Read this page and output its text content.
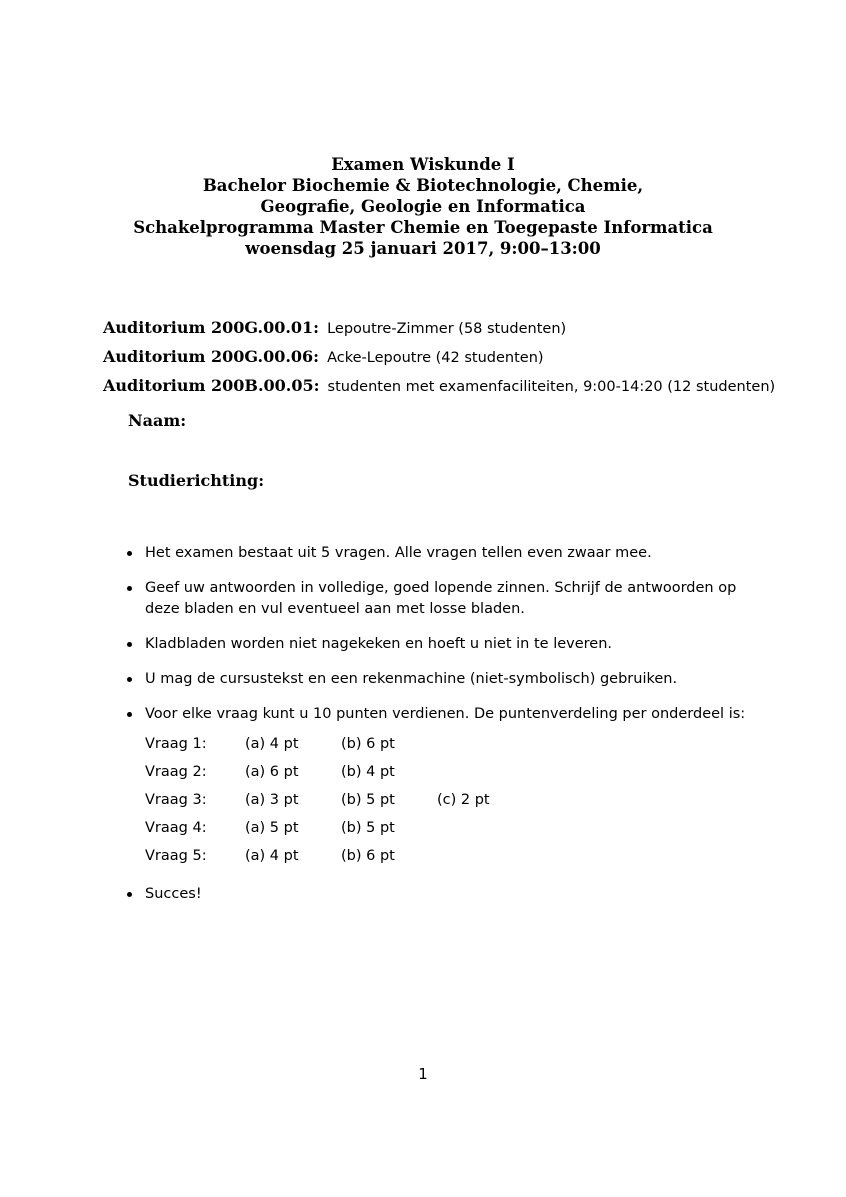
Examen Wiskunde I
Bachelor Biochemie & Biotechnologie, Chemie,
Geografie, Geologie en Informatica
Schakelprogramma Master Chemie en Toegepaste Informatica
woensdag 25 januari 2017, 9:00–13:00
Auditorium 200G.00.01: Lepoutre-Zimmer (58 studenten)
Auditorium 200G.00.06: Acke-Lepoutre (42 studenten)
Auditorium 200B.00.05: studenten met examenfaciliteiten, 9:00-14:20 (12 studenten)
Naam:
Studierichting:
Het examen bestaat uit 5 vragen. Alle vragen tellen even zwaar mee.
Geef uw antwoorden in volledige, goed lopende zinnen. Schrijf de antwoorden op deze bladen en vul eventueel aan met losse bladen.
Kladbladen worden niet nagekeken en hoeft u niet in te leveren.
U mag de cursustekst en een rekenmachine (niet-symbolisch) gebruiken.
Voor elke vraag kunt u 10 punten verdienen. De puntenverdeling per onderdeel is:
Vraag 1:	(a) 4 pt	(b) 6 pt	
Vraag 2:	(a) 6 pt	(b) 4 pt	
Vraag 3:	(a) 3 pt	(b) 5 pt	(c) 2 pt
Vraag 4:	(a) 5 pt	(b) 5 pt	
Vraag 5:	(a) 4 pt	(b) 6 pt	
Succes!
1
